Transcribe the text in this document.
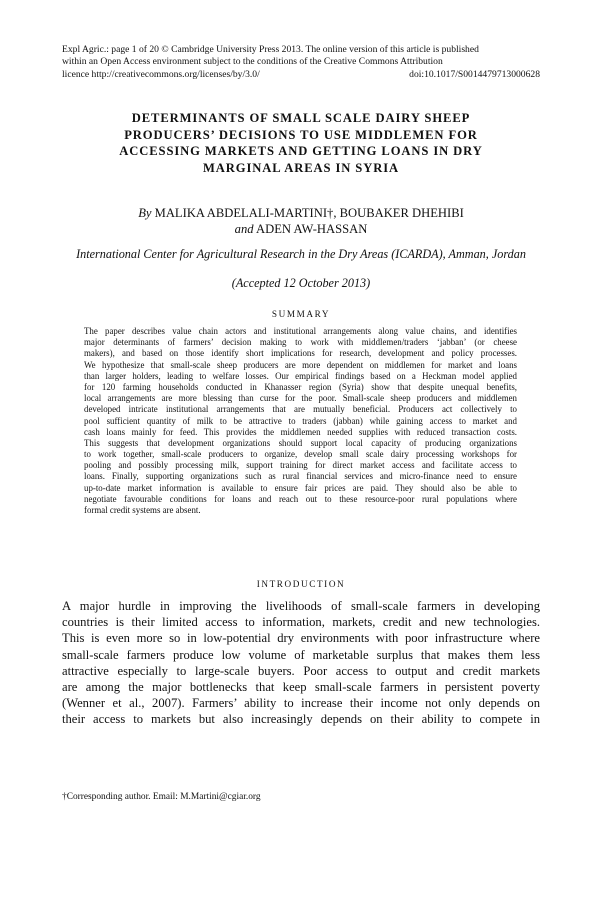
Expl Agric.: page 1 of 20 © Cambridge University Press 2013. The online version of this article is published
within an Open Access environment subject to the conditions of the Creative Commons Attribution
licence http://creativecommons.org/licenses/by/3.0/	doi:10.1017/S0014479713000628
DETERMINANTS OF SMALL SCALE DAIRY SHEEP
PRODUCERS’ DECISIONS TO USE MIDDLEMEN FOR
ACCESSING MARKETS AND GETTING LOANS IN DRY
MARGINAL AREAS IN SYRIA
By MALIKA ABDELALI-MARTINI†, BOUBAKER DHEHIBI
and ADEN AW-HASSAN
International Center for Agricultural Research in the Dry Areas (ICARDA), Amman, Jordan
(Accepted 12 October 2013)
SUMMARY
The paper describes value chain actors and institutional arrangements along value chains, and identifies
major determinants of farmers’ decision making to work with middlemen/traders ‘jabban’ (or cheese
makers), and based on those identify short implications for research, development and policy processes.
We hypothesize that small-scale sheep producers are more dependent on middlemen for market and loans
than larger holders, leading to welfare losses. Our empirical findings based on a Heckman model applied
for 120 farming households conducted in Khanasser region (Syria) show that despite unequal benefits,
local arrangements are more blessing than curse for the poor. Small-scale sheep producers and middlemen
developed intricate institutional arrangements that are mutually beneficial. Producers act collectively to
pool sufficient quantity of milk to be attractive to traders (jabban) while gaining access to market and
cash loans mainly for feed. This provides the middlemen needed supplies with reduced transaction costs.
This suggests that development organizations should support local capacity of producing organizations
to work together, small-scale producers to organize, develop small scale dairy processing workshops for
pooling and possibly processing milk, support training for direct market access and facilitate access to
loans. Finally, supporting organizations such as rural financial services and micro-finance need to ensure
up-to-date market information is available to ensure fair prices are paid. They should also be able to
negotiate favourable conditions for loans and reach out to these resource-poor rural populations where
formal credit systems are absent.
INTRODUCTION
A major hurdle in improving the livelihoods of small-scale farmers in developing
countries is their limited access to information, markets, credit and new technologies.
This is even more so in low-potential dry environments with poor infrastructure where
small-scale farmers produce low volume of marketable surplus that makes them less
attractive especially to large-scale buyers. Poor access to output and credit markets
are among the major bottlenecks that keep small-scale farmers in persistent poverty
(Wenner et al., 2007). Farmers’ ability to increase their income not only depends on
their access to markets but also increasingly depends on their ability to compete in
†Corresponding author. Email: M.Martini@cgiar.org
